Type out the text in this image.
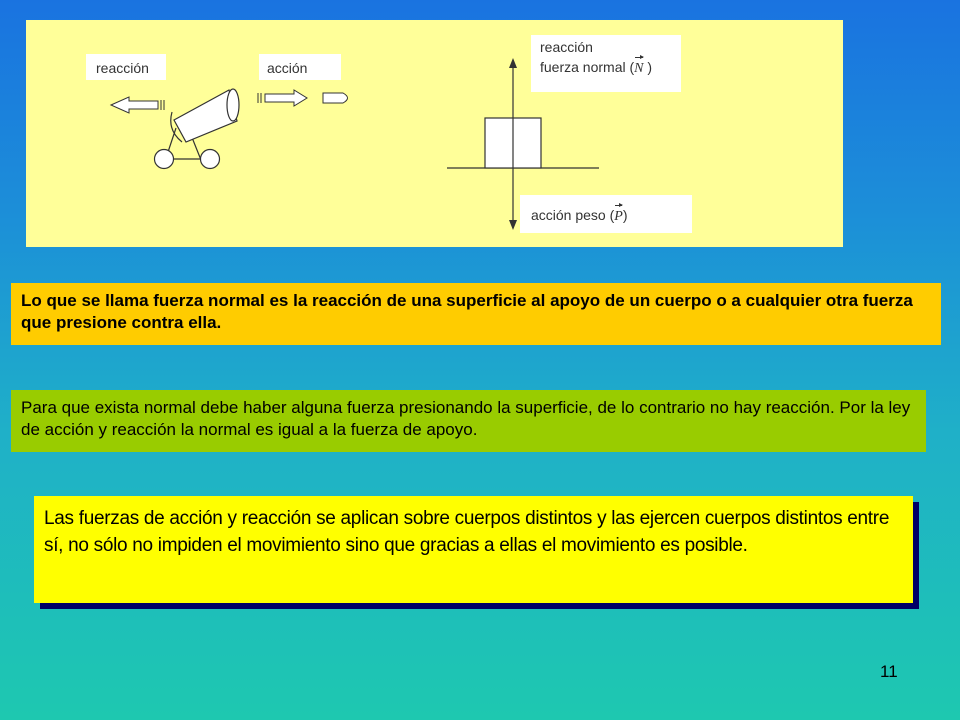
reacción	acción
reacción
fuerza normal (N )
acción peso (P)
Lo que se llama fuerza normal es la reacción de una superficie al apoyo de un cuerpo o a cualquier otra fuerza que presione contra ella.
Para que exista normal debe haber alguna fuerza presionando la superficie, de lo contrario no hay reacción. Por la ley de acción y reacción la normal es igual a la fuerza de apoyo.
Las fuerzas de acción y reacción se aplican sobre cuerpos distintos y las ejercen cuerpos distintos entre sí, no sólo no impiden el movimiento sino que gracias a ellas el movimiento es posible.
11
